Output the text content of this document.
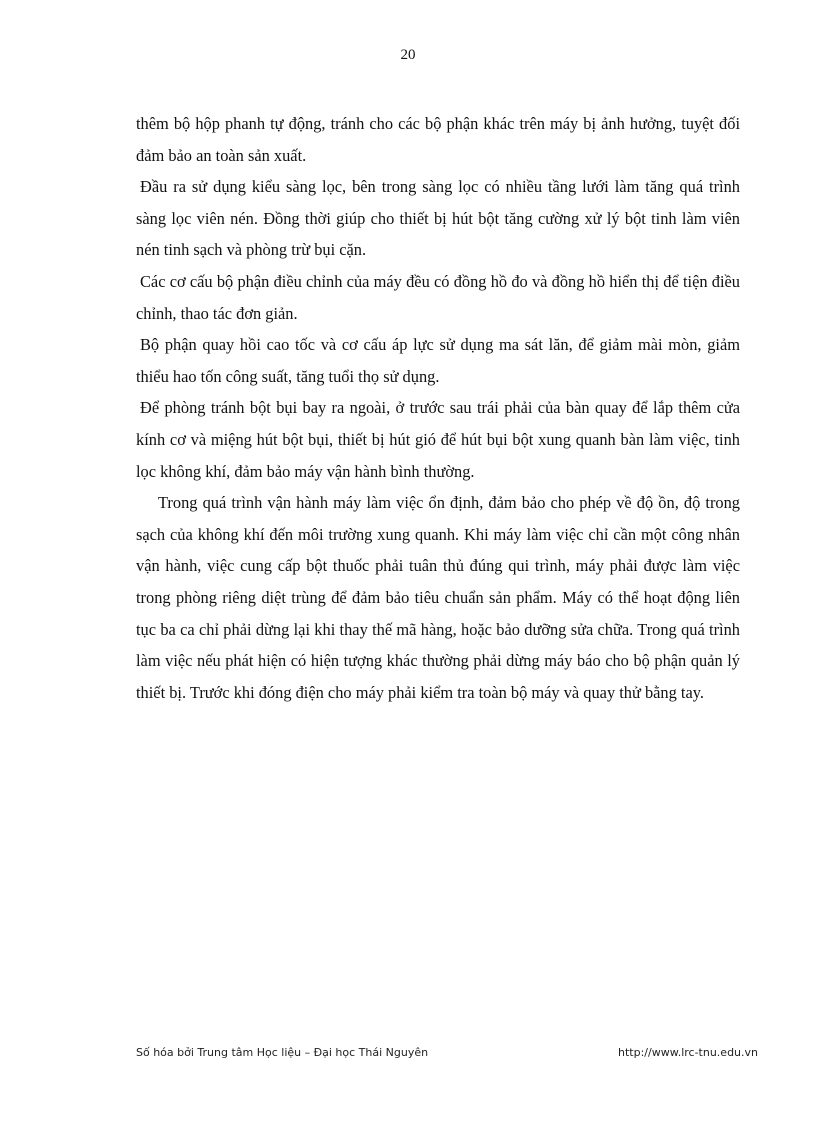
20

thêm bộ hộp phanh tự động, tránh cho các bộ phận khác trên máy bị ảnh hưởng, tuyệt đối đảm bảo an toàn sản xuất.

Đầu ra sử dụng kiểu sàng lọc, bên trong sàng lọc có nhiều tầng lưới làm tăng quá trình sàng lọc viên nén. Đồng thời giúp cho thiết bị hút bột tăng cường xử lý bột tinh làm viên nén tinh sạch và phòng trừ bụi cặn.

Các cơ cấu bộ phận điều chỉnh của máy đều có đồng hồ đo và đồng hồ hiển thị để tiện điều chỉnh, thao tác đơn giản.

Bộ phận quay hồi cao tốc và cơ cấu áp lực sử dụng ma sát lăn, để giảm mài mòn, giảm thiểu hao tốn công suất, tăng tuổi thọ sử dụng.

Để phòng tránh bột bụi bay ra ngoài, ở trước sau trái phải của bàn quay để lắp thêm cửa kính cơ và miệng hút bột bụi, thiết bị hút gió để hút bụi bột xung quanh bàn làm việc, tinh lọc không khí, đảm bảo máy vận hành bình thường.

Trong quá trình vận hành máy làm việc ổn định, đảm bảo cho phép về độ ồn, độ trong sạch của không khí đến môi trường xung quanh. Khi máy làm việc chỉ cần một công nhân vận hành, việc cung cấp bột thuốc phải tuân thủ đúng qui trình, máy phải được làm việc trong phòng riêng diệt trùng để đảm bảo tiêu chuẩn sản phẩm. Máy có thể hoạt động liên tục ba ca chỉ phải dừng lại khi thay thế mã hàng, hoặc bảo dưỡng sửa chữa. Trong quá trình làm việc nếu phát hiện có hiện tượng khác thường phải dừng máy báo cho bộ phận quản lý thiết bị. Trước khi đóng điện cho máy phải kiểm tra toàn bộ máy và quay thử bằng tay.

Số hóa bởi Trung tâm Học liệu – Đại học Thái Nguyên	http://www.lrc-tnu.edu.vn
